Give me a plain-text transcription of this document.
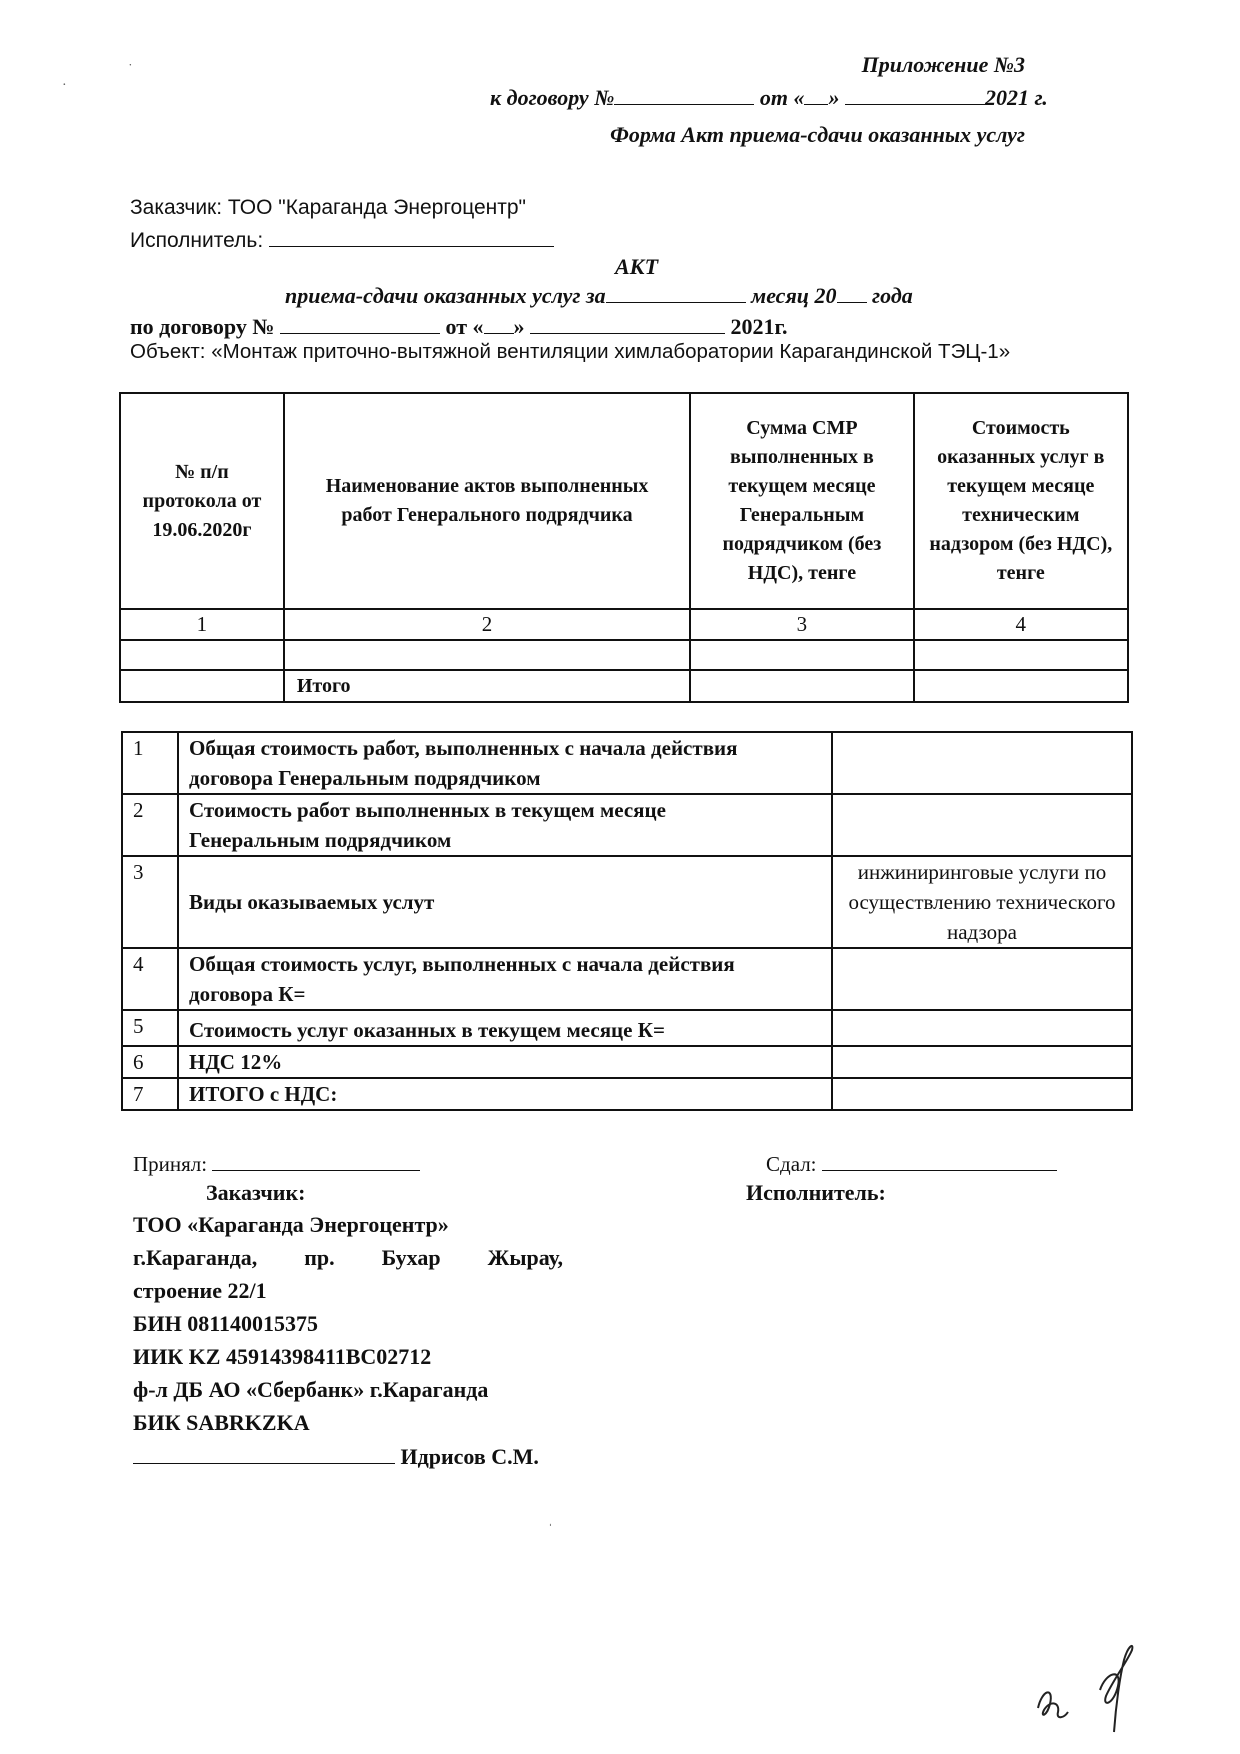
Приложение №3
к договору №	от « »	2021 г.
Форма Акт приема-сдачи оказанных услуг
Заказчик: ТОО "Караганда Энергоцентр"
Исполнитель:
АКТ
приема-сдачи оказанных услуг за	месяц 20 года
по договору №	от « »	2021г.
Объект: «Монтаж приточно-вытяжной вентиляции химлаборатории Карагандинской ТЭЦ-1»
№ п/п протокола от 19.06.2020г	Наименование актов выполненных работ Генерального подрядчика	Сумма СМР выполненных в текущем месяце Генеральным подрядчиком (без НДС), тенге	Стоимость оказанных услуг в текущем месяце техническим надзором (без НДС), тенге
1	2	3	4

	Итого		
1	Общая стоимость работ, выполненных с начала действия договора Генеральным подрядчиком	
2	Стоимость работ выполненных в текущем месяце Генеральным подрядчиком	
3	Виды оказываемых услут	инжиниринговые услуги по осуществлению технического надзора
4	Общая стоимость услуг, выполненных с начала действия договора К=	
5	Стоимость услуг оказанных в текущем месяце К=	
6	НДС 12%	
7	ИТОГО с НДС:	
Принял:
Заказчик:
Сдал:
Исполнитель:
ТОО «Караганда Энергоцентр»
г.Караганда, пр. Бухар Жырау,
строение 22/1
БИН 081140015375
ИИК KZ 45914398411BC02712
ф-л ДБ АО «Сбербанк» г.Караганда
БИК SABRKZKA
Идрисов С.М.
˙
·
ˌ
